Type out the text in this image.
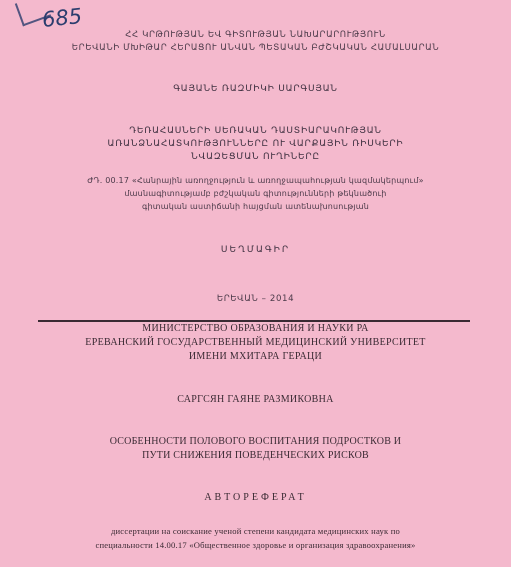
685
ՀՀ ԿՐԹՈՒԹՅԱՆ ԵՎ ԳԻՏՈՒԹՅԱՆ ՆԱԽԱՐԱՐՈՒԹՅՈՒՆ
ԵՐԵՎԱՆԻ ՄԽԻԹԱՐ ՀԵՐԱՑՈՒ ԱՆՎԱՆ ՊԵՏԱԿԱՆ ԲԺՇԿԱԿԱՆ ՀԱՄԱԼՍԱՐԱՆ
ԳԱՅԱՆԵ ՌԱԶՄԻԿԻ ՍԱՐԳՍՅԱՆ
ԴԵՌԱՀԱՍՆԵՐԻ ՍԵՌԱԿԱՆ ԴԱՍՏԻԱՐԱԿՈՒԹՅԱՆ
ԱՌԱՆՁՆԱՀԱՏԿՈՒԹՅՈՒՆՆԵՐԸ ՈՒ ՎԱՐՔԱՅԻՆ ՌԻՍԿԵՐԻ
ՆՎԱԶԵՑՄԱՆ ՈՒՂԻՆԵՐԸ
ԺԴ. 00.17 «Հանրային առողջություն և առողջապահության կազմակերպում»
մասնագիտությամբ բժշկական գիտությունների թեկնածուի
գիտական աստիճանի հայցման ատենախոսության
ՍԵՂՄԱԳԻՐ
ԵՐԵՎԱՆ – 2014
МИНИСТЕРСТВО ОБРАЗОВАНИЯ И НАУКИ РА
ЕРЕВАНСКИЙ ГОСУДАРСТВЕННЫЙ МЕДИЦИНСКИЙ УНИВЕРСИТЕТ
ИМЕНИ МХИТАРА ГЕРАЦИ
САРГСЯН ГАЯНЕ РАЗМИКОВНА
ОСОБЕННОСТИ ПОЛОВОГО ВОСПИТАНИЯ ПОДРОСТКОВ И
ПУТИ СНИЖЕНИЯ ПОВЕДЕНЧЕСКИХ РИСКОВ
АВТОРЕФЕРАТ
диссертации на соискание ученой степени кандидата медицинских наук по
специальности 14.00.17 «Общественное здоровье и организация здравоохранения»
